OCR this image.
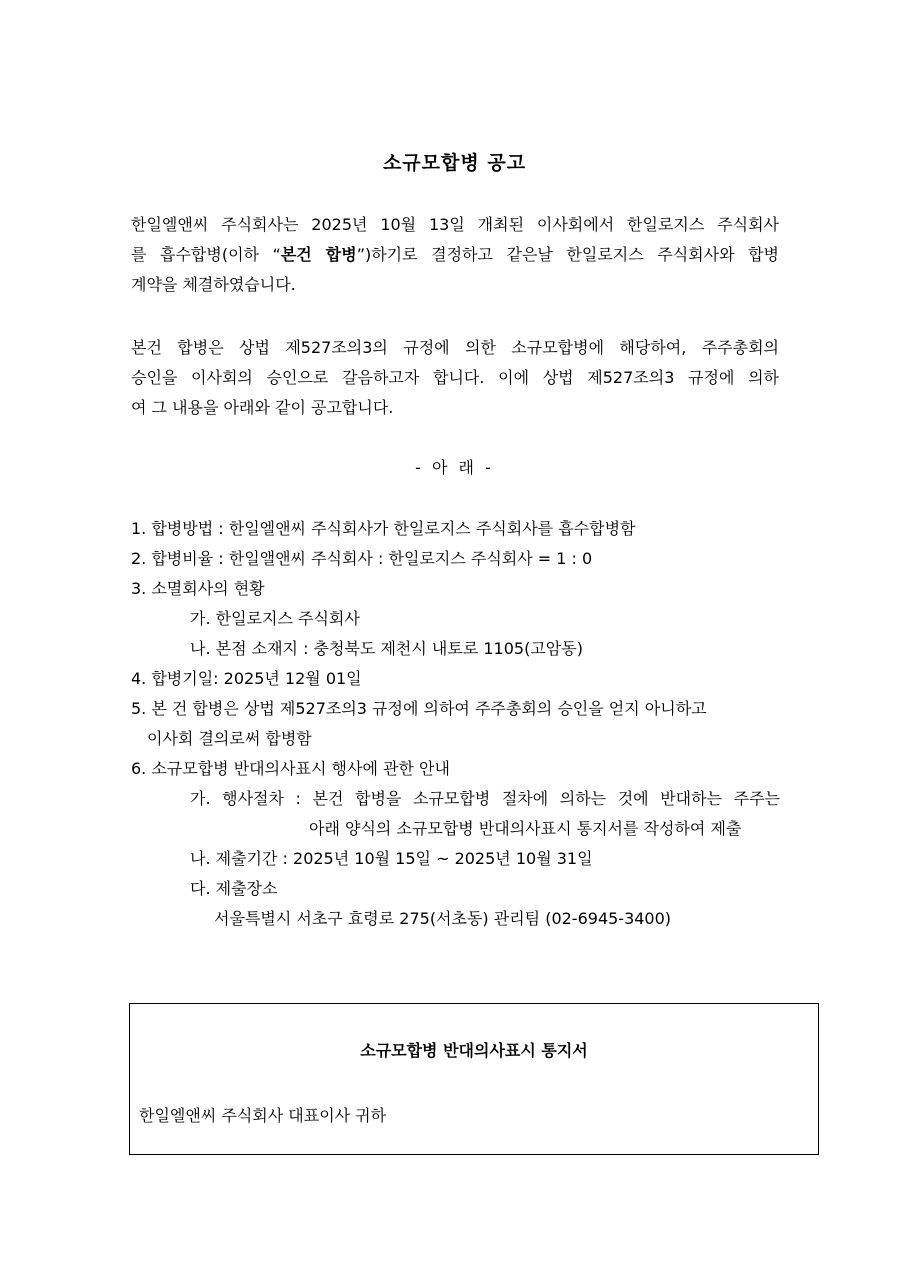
소규모합병 공고
한일엘앤씨 주식회사는 2025년 10월 13일 개최된 이사회에서 한일로지스 주식회사
를 흡수합병(이하 “본건 합병”)하기로 결정하고 같은날 한일로지스 주식회사와 합병
계약을 체결하였습니다.
본건 합병은 상법 제527조의3의 규정에 의한 소규모합병에 해당하여, 주주총회의
승인을 이사회의 승인으로 갈음하고자 합니다. 이에 상법 제527조의3 규정에 의하
여 그 내용을 아래와 같이 공고합니다.
- 아 래 -
1. 합병방법 : 한일엘앤씨 주식회사가 한일로지스 주식회사를 흡수합병함
2. 합병비율 : 한일앨앤씨 주식회사 : 한일로지스 주식회사 = 1 : 0
3. 소멸회사의 현황
가. 한일로지스 주식회사
나. 본점 소재지 : 충청북도 제천시 내토로 1105(고암동)
4. 합병기일: 2025년 12월 01일
5. 본 건 합병은 상법 제527조의3 규정에 의하여 주주총회의 승인을 얻지 아니하고
이사회 결의로써 합병함
6. 소규모합병 반대의사표시 행사에 관한 안내
가. 행사절차 : 본건 합병을 소규모합병 절차에 의하는 것에 반대하는 주주는
아래 양식의 소규모합병 반대의사표시 통지서를 작성하여 제출
나. 제출기간 : 2025년 10월 15일 ~ 2025년 10월 31일
다. 제출장소
서울특별시 서초구 효령로 275(서초동) 관리팀 (02-6945-3400)
소규모합병 반대의사표시 통지서
한일엘앤씨 주식회사 대표이사 귀하
